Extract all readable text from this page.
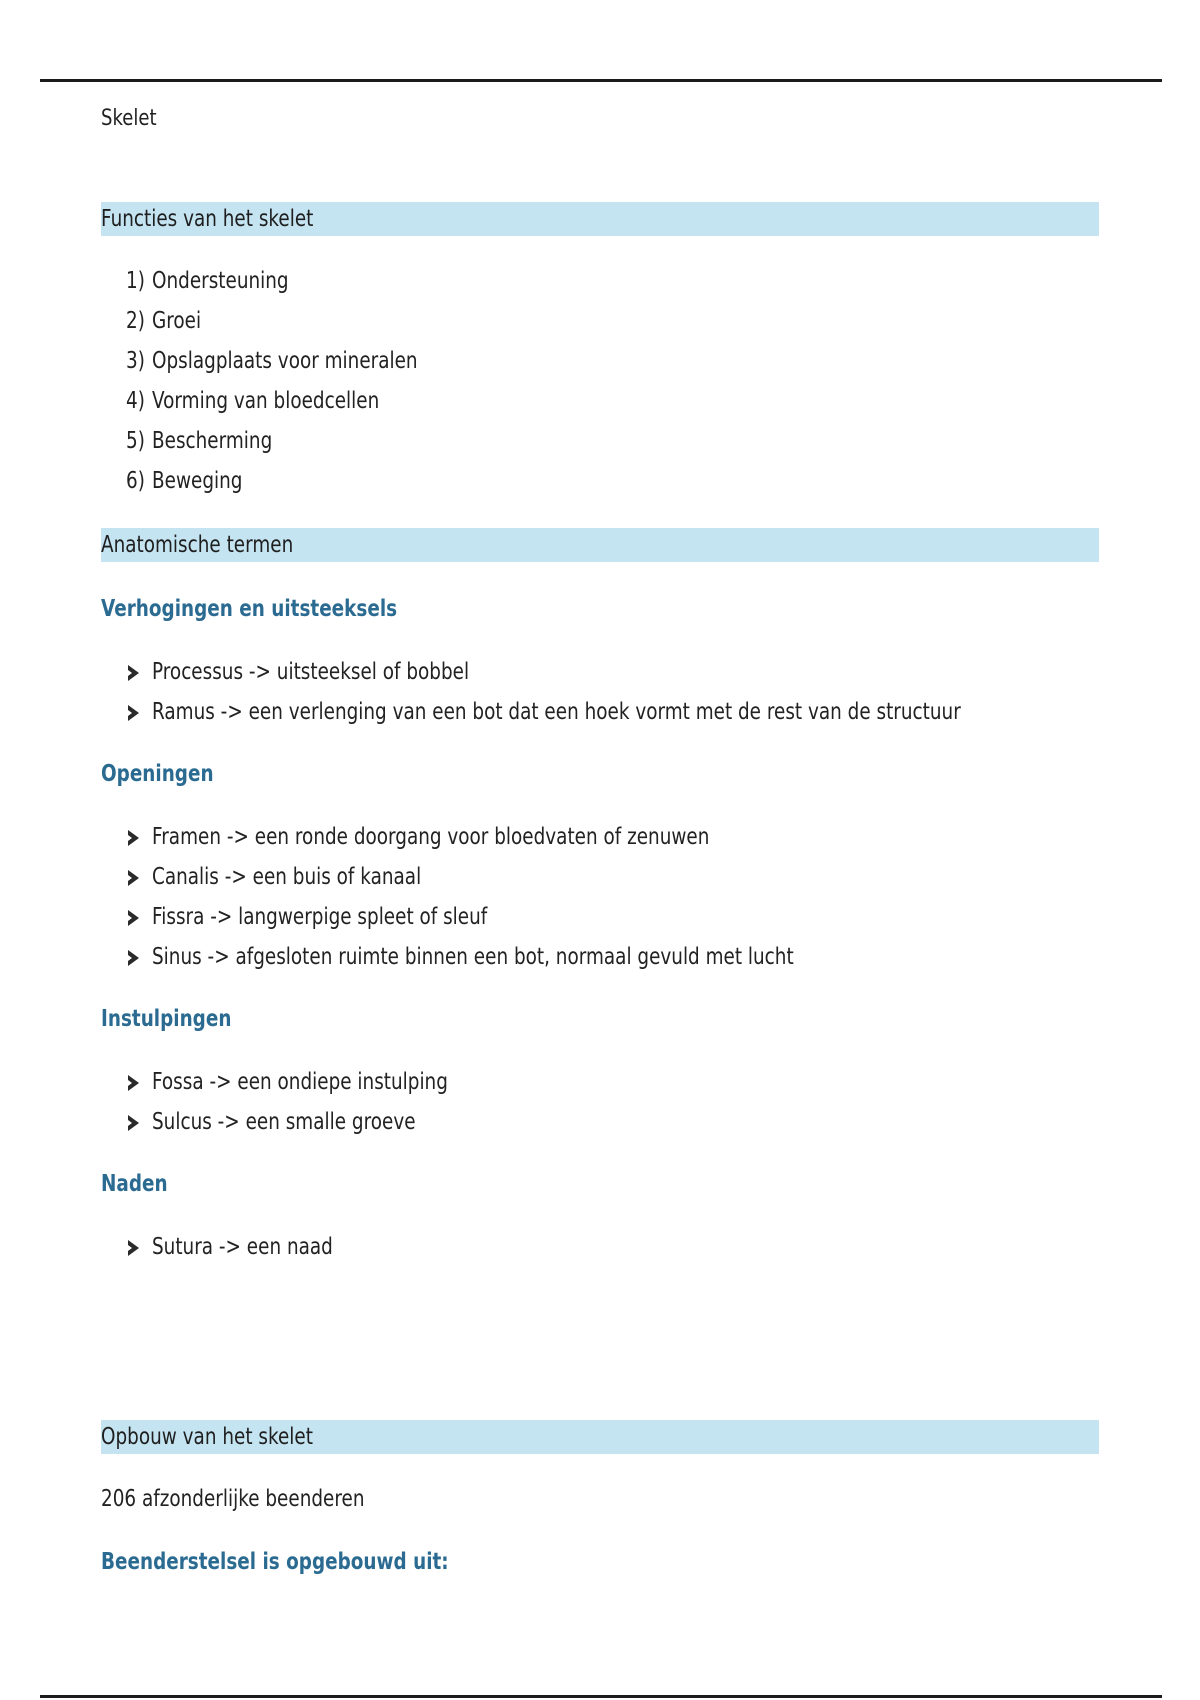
Skelet
Functies van het skelet
1) Ondersteuning
2) Groei
3) Opslagplaats voor mineralen
4) Vorming van bloedcellen
5) Bescherming
6) Beweging
Anatomische termen
Verhogingen en uitsteeksels
Processus -> uitsteeksel of bobbel
Ramus -> een verlenging van een bot dat een hoek vormt met de rest van de structuur
Openingen
Framen -> een ronde doorgang voor bloedvaten of zenuwen
Canalis -> een buis of kanaal
Fissra -> langwerpige spleet of sleuf
Sinus -> afgesloten ruimte binnen een bot, normaal gevuld met lucht
Instulpingen
Fossa -> een ondiepe instulping
Sulcus -> een smalle groeve
Naden
Sutura -> een naad
Opbouw van het skelet
206 afzonderlijke beenderen
Beenderstelsel is opgebouwd uit:
